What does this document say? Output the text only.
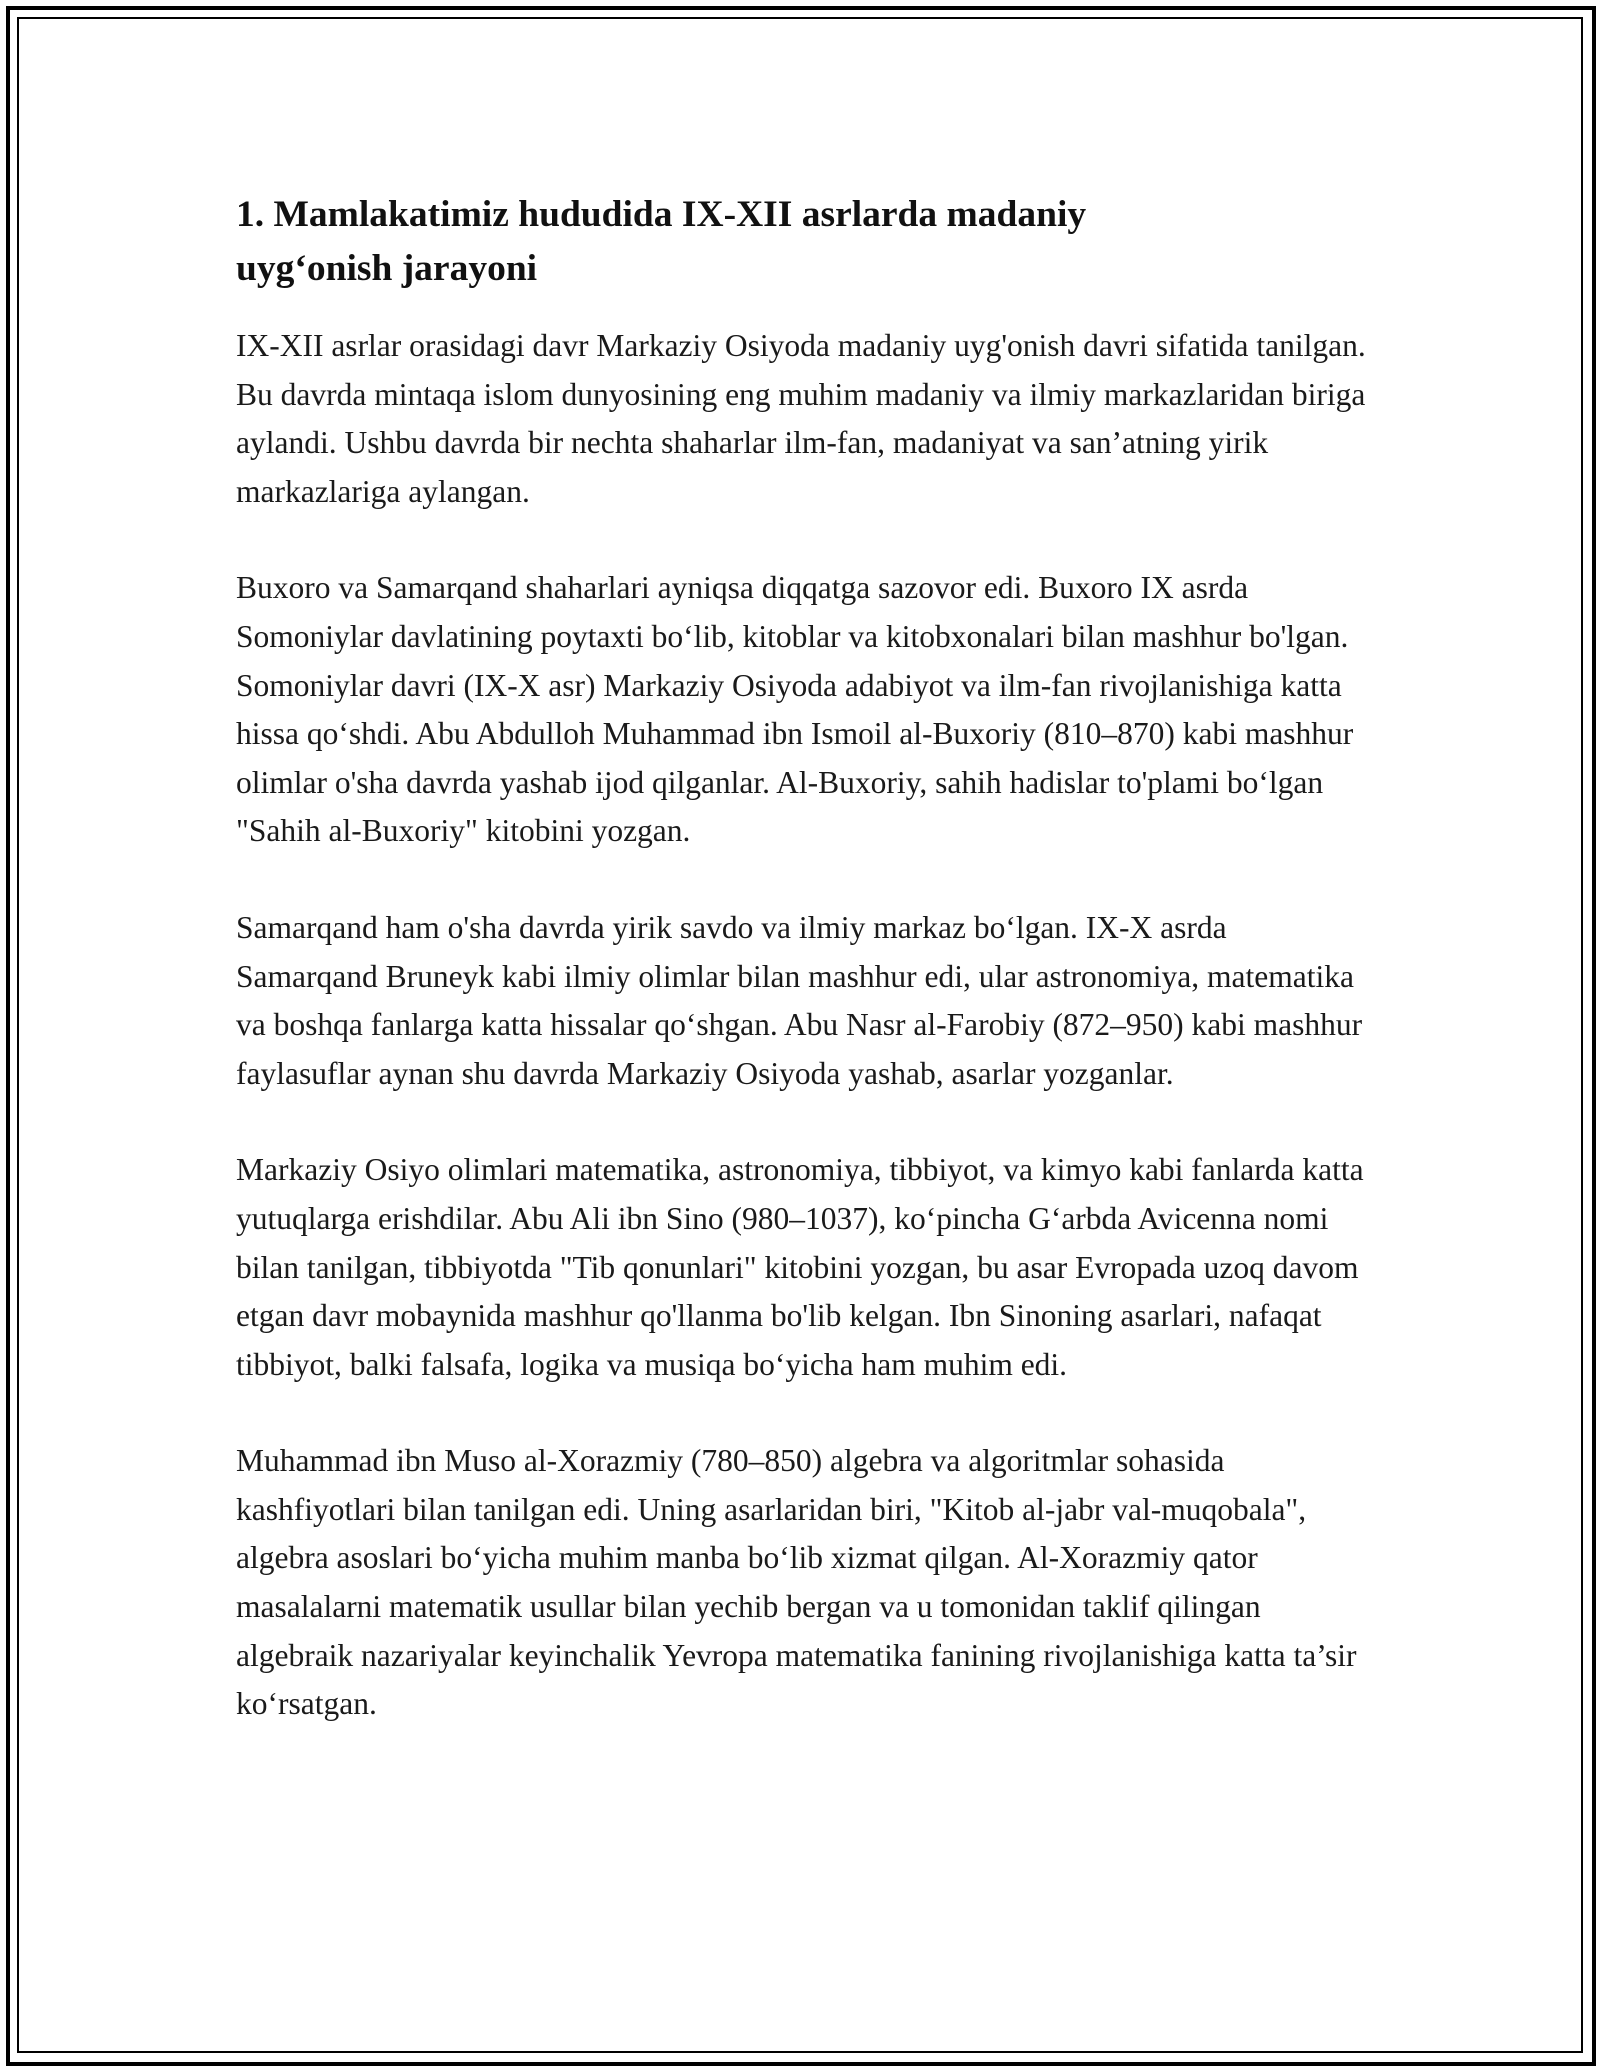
1. Mamlakatimiz hududida IX-XII asrlarda madaniy
uyg‘onish jarayoni

IX-XII asrlar orasidagi davr Markaziy Osiyoda madaniy uyg'onish davri sifatida tanilgan. Bu davrda mintaqa islom dunyosining eng muhim madaniy va ilmiy markazlaridan biriga aylandi. Ushbu davrda bir nechta shaharlar ilm-fan, madaniyat va san’atning yirik markazlariga aylangan.

Buxoro va Samarqand shaharlari ayniqsa diqqatga sazovor edi. Buxoro IX asrda Somoniylar davlatining poytaxti bo‘lib, kitoblar va kitobxonalari bilan mashhur bo'lgan. Somoniylar davri (IX-X asr) Markaziy Osiyoda adabiyot va ilm-fan rivojlanishiga katta hissa qo‘shdi. Abu Abdulloh Muhammad ibn Ismoil al-Buxoriy (810–870) kabi mashhur olimlar o'sha davrda yashab ijod qilganlar. Al-Buxoriy, sahih hadislar to'plami bo‘lgan "Sahih al-Buxoriy" kitobini yozgan.

Samarqand ham o'sha davrda yirik savdo va ilmiy markaz bo‘lgan. IX-X asrda Samarqand Bruneyk kabi ilmiy olimlar bilan mashhur edi, ular astronomiya, matematika va boshqa fanlarga katta hissalar qo‘shgan. Abu Nasr al-Farobiy (872–950) kabi mashhur faylasuflar aynan shu davrda Markaziy Osiyoda yashab, asarlar yozganlar.

Markaziy Osiyo olimlari matematika, astronomiya, tibbiyot, va kimyo kabi fanlarda katta yutuqlarga erishdilar. Abu Ali ibn Sino (980–1037), ko‘pincha G‘arbda Avicenna nomi bilan tanilgan, tibbiyotda "Tib qonunlari" kitobini yozgan, bu asar Evropada uzoq davom etgan davr mobaynida mashhur qo'llanma bo'lib kelgan. Ibn Sinoning asarlari, nafaqat tibbiyot, balki falsafa, logika va musiqa bo‘yicha ham muhim edi.

Muhammad ibn Muso al-Xorazmiy (780–850) algebra va algoritmlar sohasida kashfiyotlari bilan tanilgan edi. Uning asarlaridan biri, "Kitob al-jabr val-muqobala", algebra asoslari bo‘yicha muhim manba bo‘lib xizmat qilgan. Al-Xorazmiy qator masalalarni matematik usullar bilan yechib bergan va u tomonidan taklif qilingan algebraik nazariyalar keyinchalik Yevropa matematika fanining rivojlanishiga katta ta’sir ko‘rsatgan.
